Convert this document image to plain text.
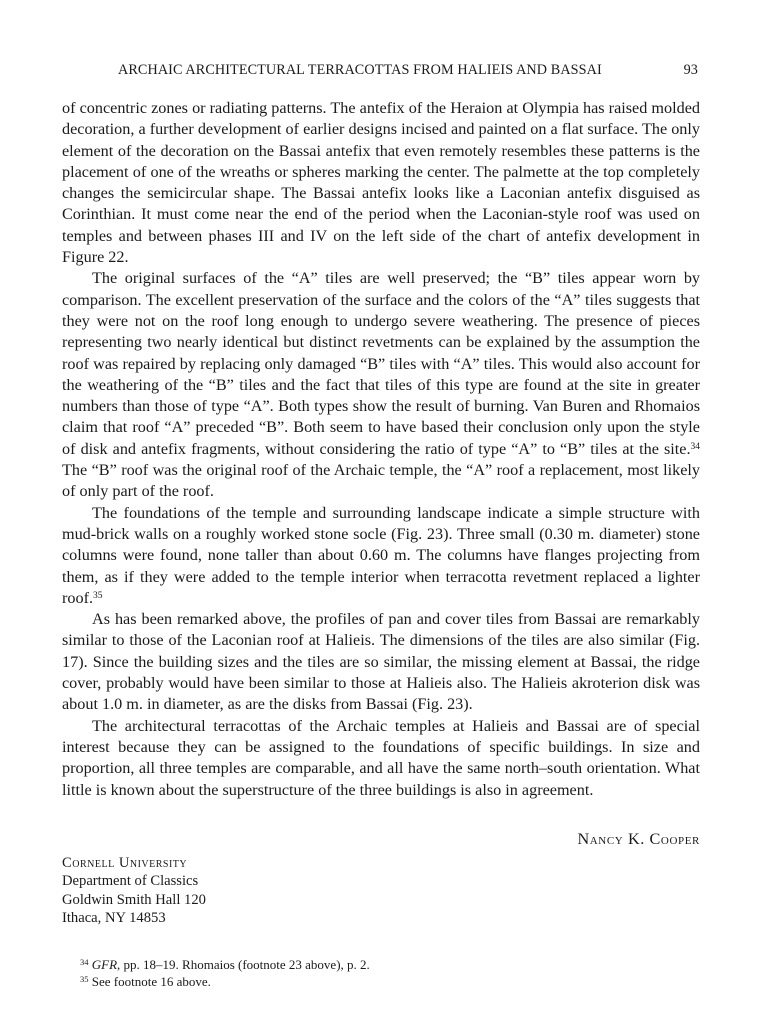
ARCHAIC ARCHITECTURAL TERRACOTTAS FROM HALIEIS AND BASSAI	93

of concentric zones or radiating patterns. The antefix of the Heraion at Olympia has raised molded decoration, a further development of earlier designs incised and painted on a flat surface. The only element of the decoration on the Bassai antefix that even remotely resembles these patterns is the placement of one of the wreaths or spheres marking the center. The palmette at the top completely changes the semicircular shape. The Bassai antefix looks like a Laconian antefix disguised as Corinthian. It must come near the end of the period when the Laconian-style roof was used on temples and between phases III and IV on the left side of the chart of antefix development in Figure 22.

The original surfaces of the “A” tiles are well preserved; the “B” tiles appear worn by comparison. The excellent preservation of the surface and the colors of the “A” tiles suggests that they were not on the roof long enough to undergo severe weathering. The presence of pieces representing two nearly identical but distinct revetments can be explained by the assumption the roof was repaired by replacing only damaged “B” tiles with “A” tiles. This would also account for the weathering of the “B” tiles and the fact that tiles of this type are found at the site in greater numbers than those of type “A”. Both types show the result of burning. Van Buren and Rhomaios claim that roof “A” preceded “B”. Both seem to have based their conclusion only upon the style of disk and antefix fragments, without considering the ratio of type “A” to “B” tiles at the site.$^{34}$ The “B” roof was the original roof of the Archaic temple, the “A” roof a replacement, most likely of only part of the roof.

The foundations of the temple and surrounding landscape indicate a simple structure with mud-brick walls on a roughly worked stone socle (Fig. 23). Three small (0.30 m. diameter) stone columns were found, none taller than about 0.60 m. The columns have flanges projecting from them, as if they were added to the temple interior when terracotta revetment replaced a lighter roof.$^{35}$

As has been remarked above, the profiles of pan and cover tiles from Bassai are remarkably similar to those of the Laconian roof at Halieis. The dimensions of the tiles are also similar (Fig. 17). Since the building sizes and the tiles are so similar, the missing element at Bassai, the ridge cover, probably would have been similar to those at Halieis also. The Halieis akroterion disk was about 1.0 m. in diameter, as are the disks from Bassai (Fig. 23).

The architectural terracottas of the Archaic temples at Halieis and Bassai are of special interest because they can be assigned to the foundations of specific buildings. In size and proportion, all three temples are comparable, and all have the same north–south orientation. What little is known about the superstructure of the three buildings is also in agreement.

Nancy K. Cooper
Cornell University
Department of Classics
Goldwin Smith Hall 120
Ithaca, NY 14853
$^{34}$ GFR, pp. 18–19. Rhomaios (footnote 23 above), p. 2.
$^{35}$ See footnote 16 above.
